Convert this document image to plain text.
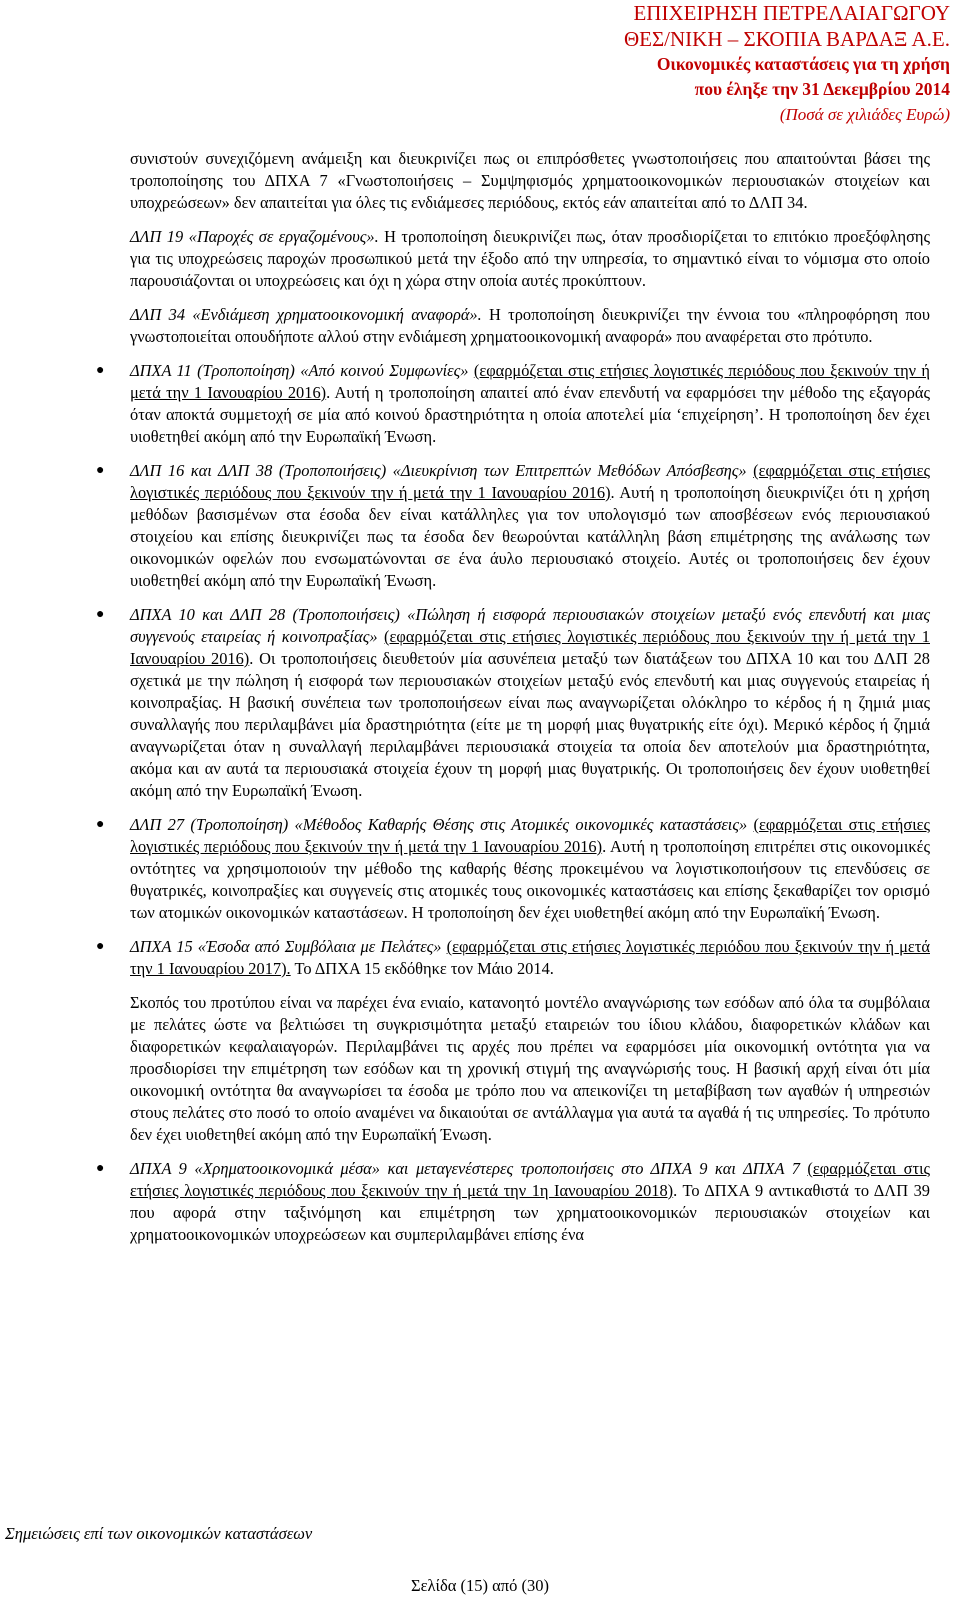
ΕΠΙΧΕΙΡΗΣΗ ΠΕΤΡΕΛΑΙΑΓΩΓΟΥ
ΘΕΣ/ΝΙΚΗ – ΣΚΟΠΙΑ ΒΑΡΔΑΞ Α.Ε.
Οικονομικές καταστάσεις για τη χρήση
που έληξε την 31 Δεκεμβρίου 2014
(Ποσά σε χιλιάδες Ευρώ)

συνιστούν συνεχιζόμενη ανάμειξη και διευκρινίζει πως οι επιπρόσθετες γνωστοποιήσεις που απαιτούνται βάσει της τροποποίησης του ΔΠΧΑ 7 «Γνωστοποιήσεις – Συμψηφισμός χρηματοοικονομικών περιουσιακών στοιχείων και υποχρεώσεων» δεν απαιτείται για όλες τις ενδιάμεσες περιόδους, εκτός εάν απαιτείται από το ΔΛΠ 34.

ΔΛΠ 19 «Παροχές σε εργαζομένους». Η τροποποίηση διευκρινίζει πως, όταν προσδιορίζεται το επιτόκιο προεξόφλησης για τις υποχρεώσεις παροχών προσωπικού μετά την έξοδο από την υπηρεσία, το σημαντικό είναι το νόμισμα στο οποίο παρουσιάζονται οι υποχρεώσεις και όχι η χώρα στην οποία αυτές προκύπτουν.

ΔΛΠ 34 «Ενδιάμεση χρηματοοικονομική αναφορά». Η τροποποίηση διευκρινίζει την έννοια του «πληροφόρηση που γνωστοποιείται οπουδήποτε αλλού στην ενδιάμεση χρηματοοικονομική αναφορά» που αναφέρεται στο πρότυπο.

●	ΔΠΧΑ 11 (Τροποποίηση) «Από κοινού Συμφωνίες» (εφαρμόζεται στις ετήσιες λογιστικές περιόδους που ξεκινούν την ή μετά την 1 Ιανουαρίου 2016). Αυτή η τροποποίηση απαιτεί από έναν επενδυτή να εφαρμόσει την μέθοδο της εξαγοράς όταν αποκτά συμμετοχή σε μία από κοινού δραστηριότητα η οποία αποτελεί μία ‘επιχείρηση’. Η τροποποίηση δεν έχει υιοθετηθεί ακόμη από την Ευρωπαϊκή Ένωση.

●	ΔΛΠ 16 και ΔΛΠ 38 (Τροποποιήσεις) «Διευκρίνιση των Επιτρεπτών Μεθόδων Απόσβεσης» (εφαρμόζεται στις ετήσιες λογιστικές περιόδους που ξεκινούν την ή μετά την 1 Ιανουαρίου 2016). Αυτή η τροποποίηση διευκρινίζει ότι η χρήση μεθόδων βασισμένων στα έσοδα δεν είναι κατάλληλες για τον υπολογισμό των αποσβέσεων ενός περιουσιακού στοιχείου και επίσης διευκρινίζει πως τα έσοδα δεν θεωρούνται κατάλληλη βάση επιμέτρησης της ανάλωσης των οικονομικών οφελών που ενσωματώνονται σε ένα άυλο περιουσιακό στοιχείο. Αυτές οι τροποποιήσεις δεν έχουν υιοθετηθεί ακόμη από την Ευρωπαϊκή Ένωση.

●	ΔΠΧΑ 10 και ΔΛΠ 28 (Τροποποιήσεις) «Πώληση ή εισφορά περιουσιακών στοιχείων μεταξύ ενός επενδυτή και μιας συγγενούς εταιρείας ή κοινοπραξίας» (εφαρμόζεται στις ετήσιες λογιστικές περιόδους που ξεκινούν την ή μετά την 1 Ιανουαρίου 2016). Οι τροποποιήσεις διευθετούν μία ασυνέπεια μεταξύ των διατάξεων του ΔΠΧΑ 10 και του ΔΛΠ 28 σχετικά με την πώληση ή εισφορά των περιουσιακών στοιχείων μεταξύ ενός επενδυτή και μιας συγγενούς εταιρείας ή κοινοπραξίας. Η βασική συνέπεια των τροποποιήσεων είναι πως αναγνωρίζεται ολόκληρο το κέρδος ή η ζημιά μιας συναλλαγής που περιλαμβάνει μία δραστηριότητα (είτε με τη μορφή μιας θυγατρικής είτε όχι). Μερικό κέρδος ή ζημιά αναγνωρίζεται όταν η συναλλαγή περιλαμβάνει περιουσιακά στοιχεία τα οποία δεν αποτελούν μια δραστηριότητα, ακόμα και αν αυτά τα περιουσιακά στοιχεία έχουν τη μορφή μιας θυγατρικής. Οι τροποποιήσεις δεν έχουν υιοθετηθεί ακόμη από την Ευρωπαϊκή Ένωση.

●	ΔΛΠ 27 (Τροποποίηση) «Μέθοδος Καθαρής Θέσης στις Ατομικές οικονομικές καταστάσεις» (εφαρμόζεται στις ετήσιες λογιστικές περιόδους που ξεκινούν την ή μετά την 1 Ιανουαρίου 2016). Αυτή η τροποποίηση επιτρέπει στις οικονομικές οντότητες να χρησιμοποιούν την μέθοδο της καθαρής θέσης προκειμένου να λογιστικοποιήσουν τις επενδύσεις σε θυγατρικές, κοινοπραξίες και συγγενείς στις ατομικές τους οικονομικές καταστάσεις και επίσης ξεκαθαρίζει τον ορισμό των ατομικών οικονομικών καταστάσεων. Η τροποποίηση δεν έχει υιοθετηθεί ακόμη από την Ευρωπαϊκή Ένωση.

●	ΔΠΧΑ 15 «Έσοδα από Συμβόλαια με Πελάτες» (εφαρμόζεται στις ετήσιες λογιστικές περιόδου που ξεκινούν την ή μετά την 1 Ιανουαρίου 2017). Το ΔΠΧΑ 15 εκδόθηκε τον Μάιο 2014.

Σκοπός του προτύπου είναι να παρέχει ένα ενιαίο, κατανοητό μοντέλο αναγνώρισης των εσόδων από όλα τα συμβόλαια με πελάτες ώστε να βελτιώσει τη συγκρισιμότητα μεταξύ εταιρειών του ίδιου κλάδου, διαφορετικών κλάδων και διαφορετικών κεφαλαιαγορών. Περιλαμβάνει τις αρχές που πρέπει να εφαρμόσει μία οικονομική οντότητα για να προσδιορίσει την επιμέτρηση των εσόδων και τη χρονική στιγμή της αναγνώρισής τους. Η βασική αρχή είναι ότι μία οικονομική οντότητα θα αναγνωρίσει τα έσοδα με τρόπο που να απεικονίζει τη μεταβίβαση των αγαθών ή υπηρεσιών στους πελάτες στο ποσό το οποίο αναμένει να δικαιούται σε αντάλλαγμα για αυτά τα αγαθά ή τις υπηρεσίες. Το πρότυπο δεν έχει υιοθετηθεί ακόμη από την Ευρωπαϊκή Ένωση.

●	ΔΠΧΑ 9 «Χρηματοοικονομικά μέσα» και μεταγενέστερες τροποποιήσεις στο ΔΠΧΑ 9 και ΔΠΧΑ 7 (εφαρμόζεται στις ετήσιες λογιστικές περιόδους που ξεκινούν την ή μετά την 1η Ιανουαρίου 2018). Το ΔΠΧΑ 9 αντικαθιστά το ΔΛΠ 39 που αφορά στην ταξινόμηση και επιμέτρηση των χρηματοοικονομικών περιουσιακών στοιχείων και χρηματοοικονομικών υποχρεώσεων και συμπεριλαμβάνει επίσης ένα

Σημειώσεις επί των οικονομικών καταστάσεων
Σελίδα (15) από (30)
